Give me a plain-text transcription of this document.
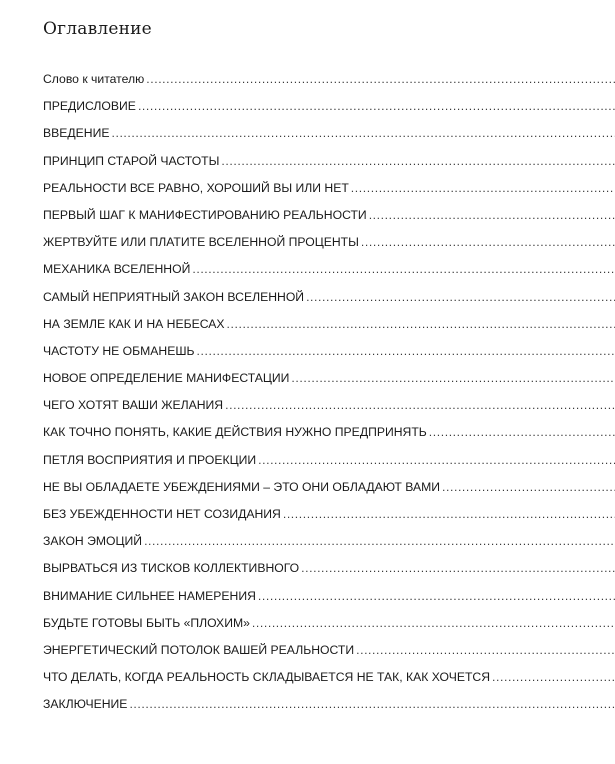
Оглавление
Слово к читателю
.....
ПРЕДИСЛОВИЕ
.....
ВВЕДЕНИЕ
.....
ПРИНЦИП СТАРОЙ ЧАСТОТЫ
.....
РЕАЛЬНОСТИ ВСЕ РАВНО, ХОРОШИЙ ВЫ ИЛИ НЕТ
.....
ПЕРВЫЙ ШАГ К МАНИФЕСТИРОВАНИЮ РЕАЛЬНОСТИ
.....
ЖЕРТВУЙТЕ ИЛИ ПЛАТИТЕ ВСЕЛЕННОЙ ПРОЦЕНТЫ
.....
МЕХАНИКА ВСЕЛЕННОЙ
.....
САМЫЙ НЕПРИЯТНЫЙ ЗАКОН ВСЕЛЕННОЙ
.....
НА ЗЕМЛЕ КАК И НА НЕБЕСАХ
.....
ЧАСТОТУ НЕ ОБМАНЕШЬ
.....
НОВОЕ ОПРЕДЕЛЕНИЕ МАНИФЕСТАЦИИ
.....
ЧЕГО ХОТЯТ ВАШИ ЖЕЛАНИЯ
.....
КАК ТОЧНО ПОНЯТЬ, КАКИЕ ДЕЙСТВИЯ НУЖНО ПРЕДПРИНЯТЬ
.....
ПЕТЛЯ ВОСПРИЯТИЯ И ПРОЕКЦИИ
.....
НЕ ВЫ ОБЛАДАЕТЕ УБЕЖДЕНИЯМИ – ЭТО ОНИ ОБЛАДАЮТ ВАМИ
.....
БЕЗ УБЕЖДЕННОСТИ НЕТ СОЗИДАНИЯ
.....
ЗАКОН ЭМОЦИЙ
.....
ВЫРВАТЬСЯ ИЗ ТИСКОВ КОЛЛЕКТИВНОГО
.....
ВНИМАНИЕ СИЛЬНЕЕ НАМЕРЕНИЯ
.....
БУДЬТЕ ГОТОВЫ БЫТЬ «ПЛОХИМ»
.....
ЭНЕРГЕТИЧЕСКИЙ ПОТОЛОК ВАШЕЙ РЕАЛЬНОСТИ
.....
ЧТО ДЕЛАТЬ, КОГДА РЕАЛЬНОСТЬ СКЛАДЫВАЕТСЯ НЕ ТАК, КАК ХОЧЕТСЯ
.....
ЗАКЛЮЧЕНИЕ
.....
